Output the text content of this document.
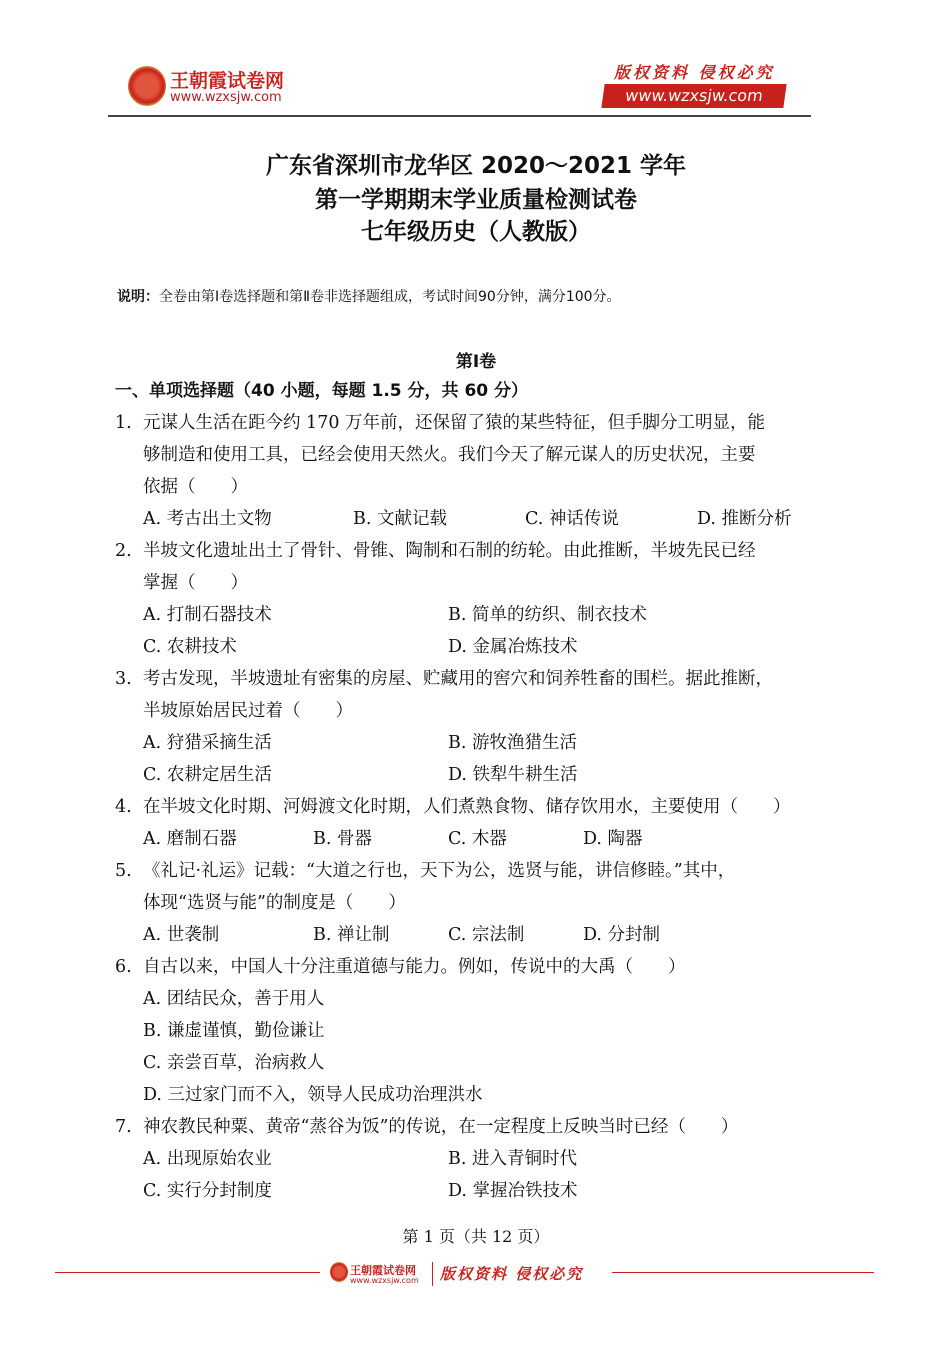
王朝霞试卷网
www.wzxsjw.com
版权资料 侵权必究
www.wzxsjw.com
广东省深圳市龙华区 2020～2021 学年
第一学期期末学业质量检测试卷
七年级历史（人教版）
说明：全卷由第Ⅰ卷选择题和第Ⅱ卷非选择题组成，考试时间90分钟，满分100分。
第Ⅰ卷
一、单项选择题（40 小题，每题 1.5 分，共 60 分）
1. 元谋人生活在距今约 170 万年前，还保留了猿的某些特征，但手脚分工明显，能
够制造和使用工具，已经会使用天然火。我们今天了解元谋人的历史状况，主要
依据（　　）
A. 考古出土文物	B. 文献记载	C. 神话传说	D. 推断分析
2. 半坡文化遗址出土了骨针、骨锥、陶制和石制的纺轮。由此推断，半坡先民已经
掌握（　　）
A. 打制石器技术	B. 简单的纺织、制衣技术
C. 农耕技术	D. 金属冶炼技术
3. 考古发现，半坡遗址有密集的房屋、贮藏用的窖穴和饲养牲畜的围栏。据此推断，
半坡原始居民过着（　　）
A. 狩猎采摘生活	B. 游牧渔猎生活
C. 农耕定居生活	D. 铁犁牛耕生活
4. 在半坡文化时期、河姆渡文化时期，人们煮熟食物、储存饮用水，主要使用（　　）
A. 磨制石器	B. 骨器	C. 木器	D. 陶器
5. 《礼记·礼运》记载：“大道之行也，天下为公，选贤与能，讲信修睦。”其中，
体现“选贤与能”的制度是（　　）
A. 世袭制	B. 禅让制	C. 宗法制	D. 分封制
6. 自古以来，中国人十分注重道德与能力。例如，传说中的大禹（　　）
A. 团结民众，善于用人
B. 谦虚谨慎，勤俭谦让
C. 亲尝百草，治病救人
D. 三过家门而不入，领导人民成功治理洪水
7. 神农教民种粟、黄帝“蒸谷为饭”的传说，在一定程度上反映当时已经（　　）
A. 出现原始农业	B. 进入青铜时代
C. 实行分封制度	D. 掌握冶铁技术
第 1 页（共 12 页）
王朝霞试卷网
www.wzxsjw.com 版权资料 侵权必究
